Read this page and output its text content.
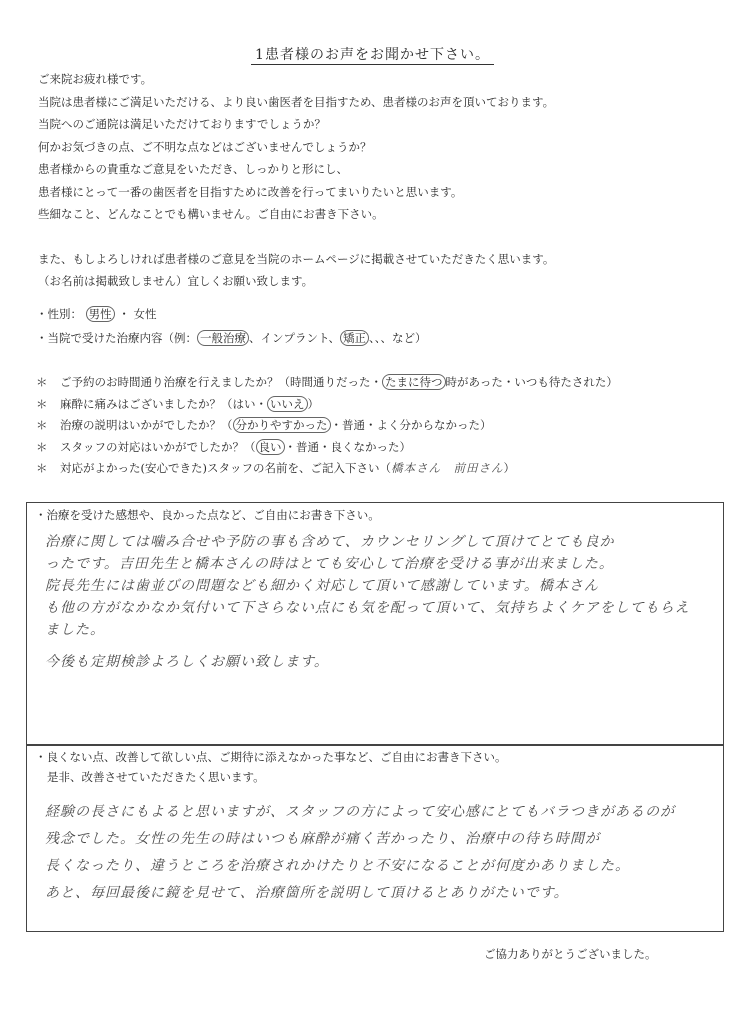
1患者様のお声をお聞かせ下さい。
ご来院お疲れ様です。
当院は患者様にご満足いただける、より良い歯医者を目指すため、患者様のお声を頂いております。
当院へのご通院は満足いただけておりますでしょうか？
何かお気づきの点、ご不明な点などはございませんでしょうか？
患者様からの貴重なご意見をいただき、しっかりと形にし、
患者様にとって一番の歯医者を目指すために改善を行ってまいりたいと思います。
些細なこと、どんなことでも構いません。ご自由にお書き下さい。
また、もしよろしければ患者様のご意見を当院のホームページに掲載させていただきたく思います。
（お名前は掲載致しません）宜しくお願い致します。
・性別： 男性 ・ 女性
・当院で受けた治療内容（例： 一般治療 、インプラント、 矯正 、、、など）
＊ ご予約のお時間通り治療を行えましたか？（時間通りだった・ たまに待つ 時があった・いつも待たされた）
＊ 麻酔に痛みはございましたか？（はい・ いいえ ）
＊ 治療の説明はいかがでしたか？（ 分かりやすかった ・普通・よく分からなかった）
＊ スタッフの対応はいかがでしたか？（ 良い ・普通・良くなかった）
＊ 対応がよかった(安心できた)スタッフの名前を、ご記入下さい（橋本さん　前田さん）
・治療を受けた感想や、良かった点など、ご自由にお書き下さい。
治療に関しては噛み合せや予防の事も含めて、カウンセリングして頂けてとても良か
ったです。吉田先生と橋本さんの時はとても安心して治療を受ける事が出来ました。
院長先生には歯並びの問題なども細かく対応して頂いて感謝しています。橋本さん
も他の方がなかなか気付いて下さらない点にも気を配って頂いて、気持ちよくケアをしてもらえ
ました。
今後も定期検診よろしくお願い致します。
・良くない点、改善して欲しい点、ご期待に添えなかった事など、ご自由にお書き下さい。
是非、改善させていただきたく思います。
経験の長さにもよると思いますが、スタッフの方によって安心感にとてもバラつきがあるのが
残念でした。女性の先生の時はいつも麻酔が痛く苦かったり、治療中の待ち時間が
長くなったり、違うところを治療されかけたりと不安になることが何度かありました。
あと、毎回最後に鏡を見せて、治療箇所を説明して頂けるとありがたいです。
ご協力ありがとうございました。
